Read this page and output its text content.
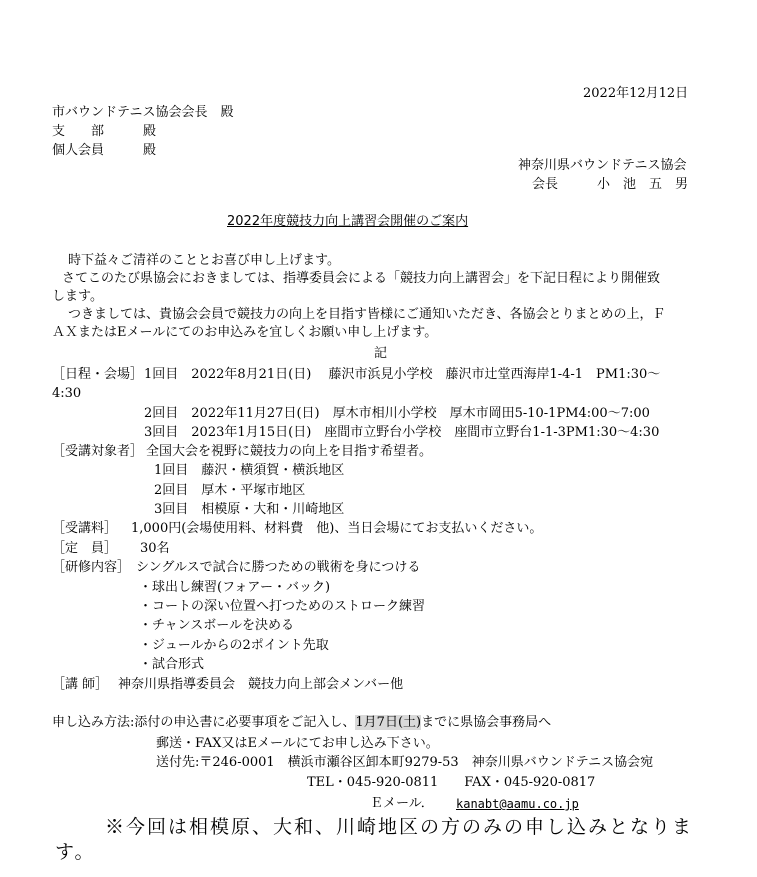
2022年12月12日
市バウンドテニス協会会長　殿
支　　部　　　殿
個人会員　　　殿
神奈川県バウンドテニス協会
会長　　　小　池　五　男
2022年度競技力向上講習会開催のご案内
時下益々ご清祥のこととお喜び申し上げます。
さてこのたび県協会におきましては、指導委員会による「競技力向上講習会」を下記日程により開催致
します。
つきましては、貴協会会員で競技力の向上を目指す皆様にご通知いただき、各協会とりまとめの上，Ｆ
ＡＸまたはEメールにてのお申込みを宜しくお願い申し上げます。
記
［日程・会場］ 1回目　2022年8月21日(日)　 藤沢市浜見小学校　藤沢市辻堂西海岸1-4-1　PM1:30～
4:30
2回目　2022年11月27日(日)　厚木市相川小学校　厚木市岡田5-10-1PM4:00～7:00
3回目　2023年1月15日(日)　座間市立野台小学校　座間市立野台1-1-3PM1:30～4:30
［受講対象者］ 全国大会を視野に競技力の向上を目指す希望者。
1回目　藤沢・横須賀・横浜地区
2回目　厚木・平塚市地区
3回目　相模原・大和・川崎地区
［受講料］ 1,000円(会場使用料、材料費　他)、当日会場にてお支払いください。
［定　員］ 30名
［研修内容］ シングルスで試合に勝つための戦術を身につける
・球出し練習(フォアー・バック)
・コートの深い位置へ打つためのストローク練習
・チャンスボールを決める
・ジュールからの2ポイント先取
・試合形式
［講 師］ 神奈川県指導委員会　競技力向上部会メンバー他
申し込み方法:添付の申込書に必要事項をご記入し、1月7日(土)までに県協会事務局へ
郵送・FAX又はEメールにてお申し込み下さい。
送付先:〒246-0001　横浜市瀬谷区卸本町9279-53　神奈川県バウンドテニス協会宛
TEL・045-920-0811　　FAX・045-920-0817
Ｅメール． kanabt@aamu.co.jp
※今回は相模原、大和、川崎地区の方のみの申し込みとなりま
す。
